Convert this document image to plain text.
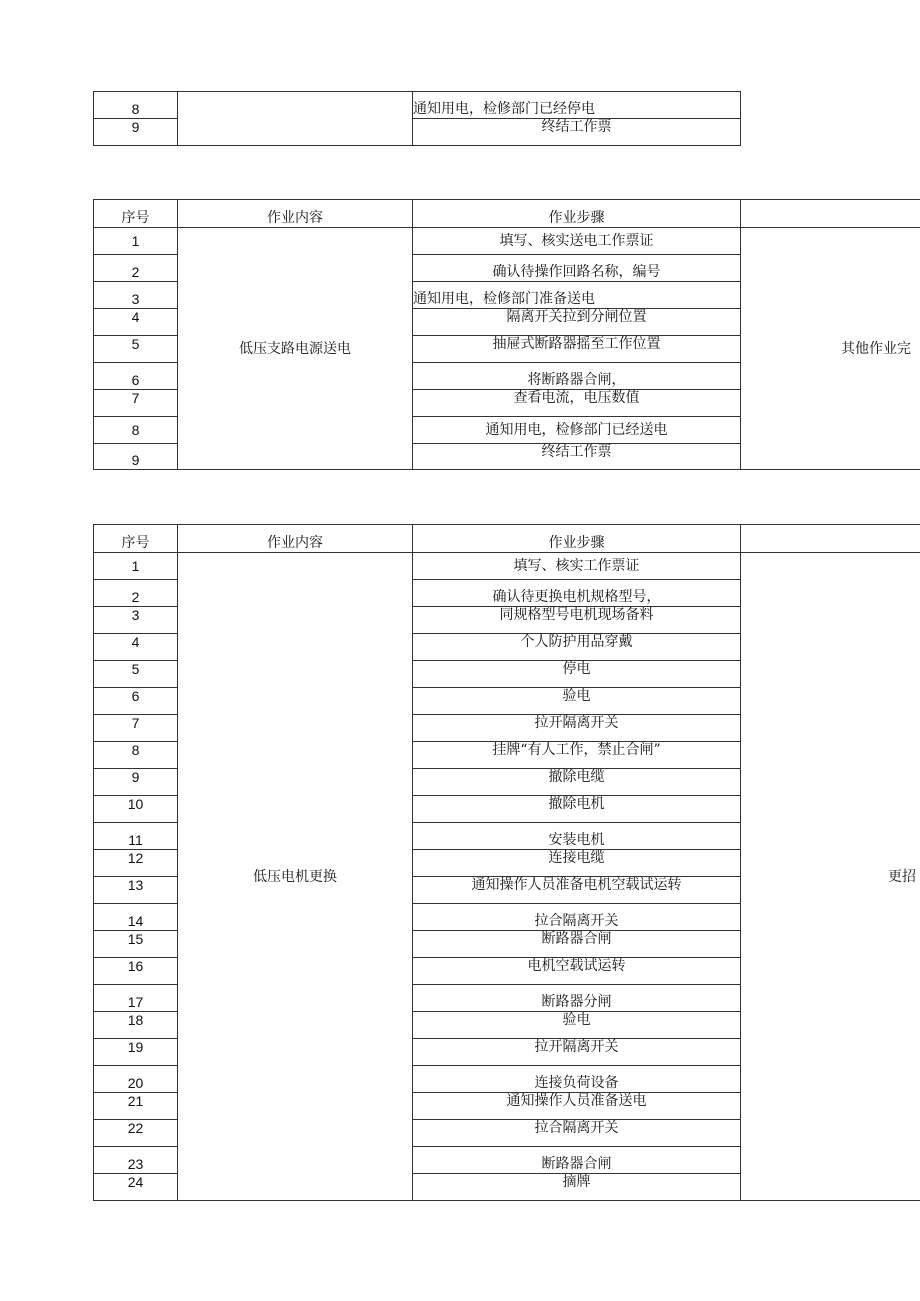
8		通知用电，检修部门已经停电
9		终结工作票
序号	作业内容	作业步骤	
1	低压支路电源送电	填写、核实送电工作票证	其他作业完
2		确认待操作回路名称，编号	
3		通知用电，检修部门准备送电	
4		隔离开关拉到分闸位置	
5		抽屉式断路器摇至工作位置	
6		将断路器合闸，	
7		查看电流，电压数值	
8		通知用电，检修部门已经送电	
9		终结工作票	
序号	作业内容	作业步骤	
1	低压电机更换	填写、核实工作票证	更招
2		确认待更换电机规格型号，	
3		同规格型号电机现场备料	
4		个人防护用品穿戴	
5		停电	
6		验电	
7		拉开隔离开关	
8		挂牌“有人工作，禁止合闸”	
9		撤除电缆	
10		撤除电机	
11		安装电机	
12		连接电缆	
13		通知操作人员准备电机空载试运转	
14		拉合隔离开关	
15		断路器合闸	
16		电机空载试运转	
17		断路器分闸	
18		验电	
19		拉开隔离开关	
20		连接负荷设备	
21		通知操作人员准备送电	
22		拉合隔离开关	
23		断路器合闸	
24		摘牌	
